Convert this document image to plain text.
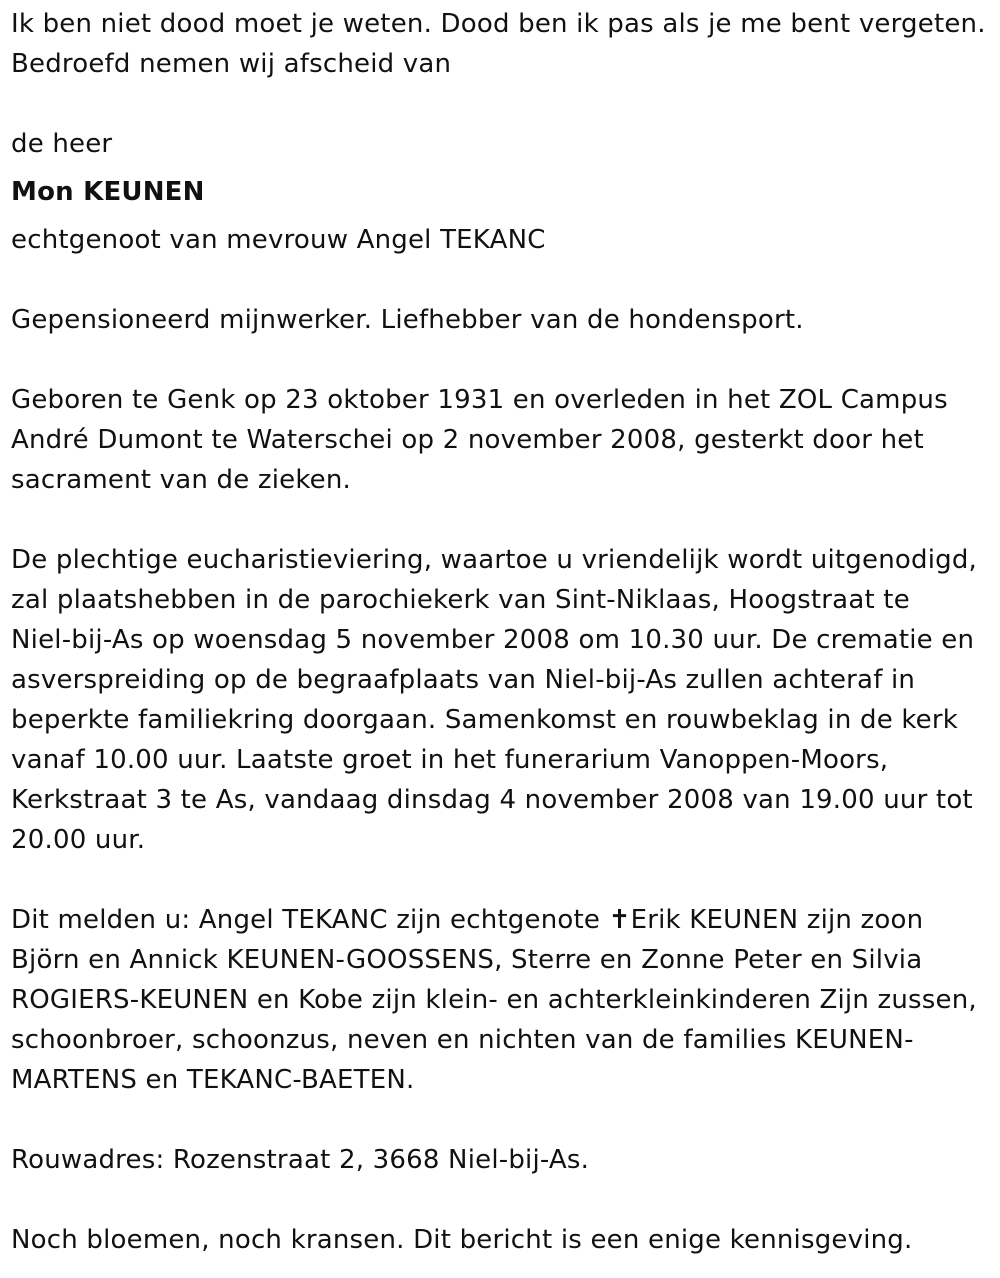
Ik ben niet dood moet je weten. Dood ben ik pas als je me bent vergeten.
Bedroefd nemen wij afscheid van
de heer
Mon KEUNEN
echtgenoot van mevrouw Angel TEKANC
Gepensioneerd mijnwerker. Liefhebber van de hondensport.
Geboren te Genk op 23 oktober 1931 en overleden in het ZOL Campus
André Dumont te Waterschei op 2 november 2008, gesterkt door het
sacrament van de zieken.
De plechtige eucharistieviering, waartoe u vriendelijk wordt uitgenodigd,
zal plaatshebben in de parochiekerk van Sint-Niklaas, Hoogstraat te
Niel-bij-As op woensdag 5 november 2008 om 10.30 uur. De crematie en
asverspreiding op de begraafplaats van Niel-bij-As zullen achteraf in
beperkte familiekring doorgaan. Samenkomst en rouwbeklag in de kerk
vanaf 10.00 uur. Laatste groet in het funerarium Vanoppen-Moors,
Kerkstraat 3 te As, vandaag dinsdag 4 november 2008 van 19.00 uur tot
20.00 uur.
Dit melden u: Angel TEKANC zijn echtgenote ✝Erik KEUNEN zijn zoon
Björn en Annick KEUNEN-GOOSSENS, Sterre en Zonne Peter en Silvia
ROGIERS-KEUNEN en Kobe zijn klein- en achterkleinkinderen Zijn zussen,
schoonbroer, schoonzus, neven en nichten van de families KEUNEN-
MARTENS en TEKANC-BAETEN.
Rouwadres: Rozenstraat 2, 3668 Niel-bij-As.
Noch bloemen, noch kransen. Dit bericht is een enige kennisgeving.
